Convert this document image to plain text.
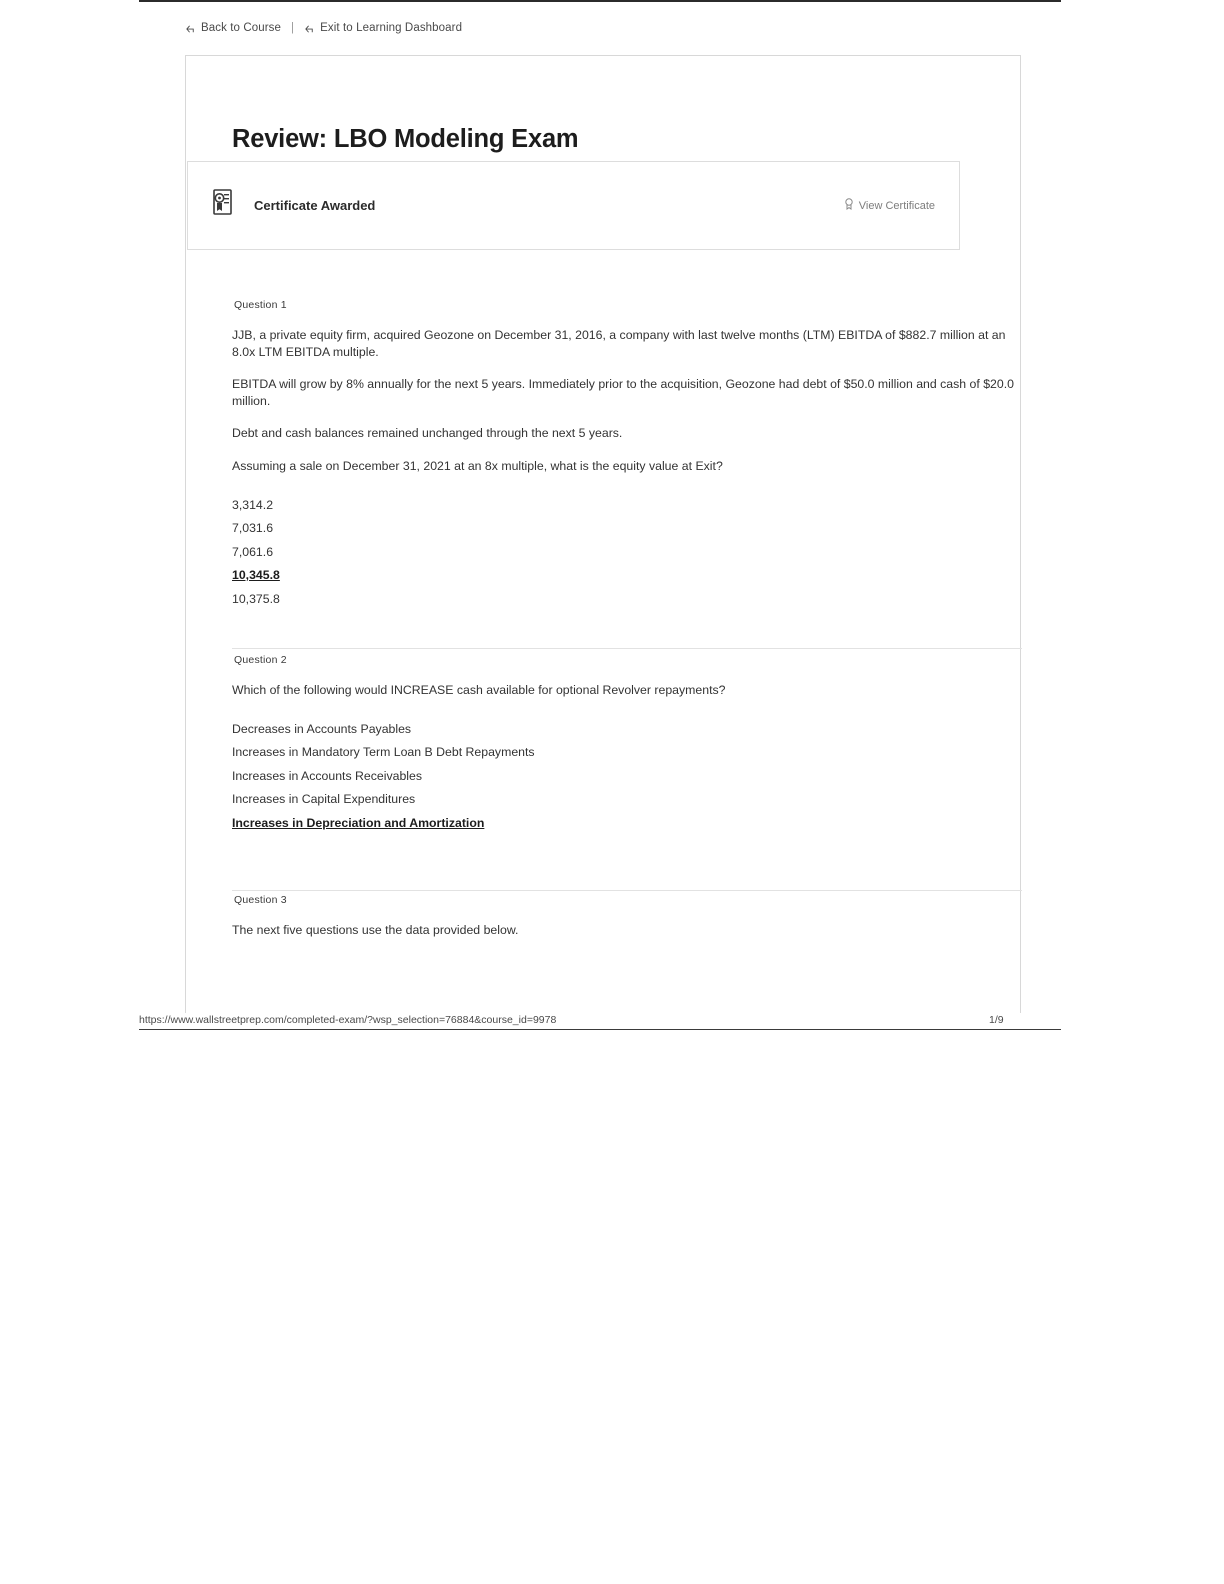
Back to Course | Exit to Learning Dashboard
Review: LBO Modeling Exam
Certificate Awarded	View Certificate
Question 1
JJB, a private equity firm, acquired Geozone on December 31, 2016, a company with last twelve months (LTM) EBITDA of $882.7 million at an 8.0x LTM EBITDA multiple.
EBITDA will grow by 8% annually for the next 5 years. Immediately prior to the acquisition, Geozone had debt of $50.0 million and cash of $20.0 million.
Debt and cash balances remained unchanged through the next 5 years.
Assuming a sale on December 31, 2021 at an 8x multiple, what is the equity value at Exit?
3,314.2
7,031.6
7,061.6
10,345.8
10,375.8
Question 2
Which of the following would INCREASE cash available for optional Revolver repayments?
Decreases in Accounts Payables
Increases in Mandatory Term Loan B Debt Repayments
Increases in Accounts Receivables
Increases in Capital Expenditures
Increases in Depreciation and Amortization
Question 3
The next five questions use the data provided below.
https://www.wallstreetprep.com/completed-exam/?wsp_selection=76884&course_id=9978	1/9
